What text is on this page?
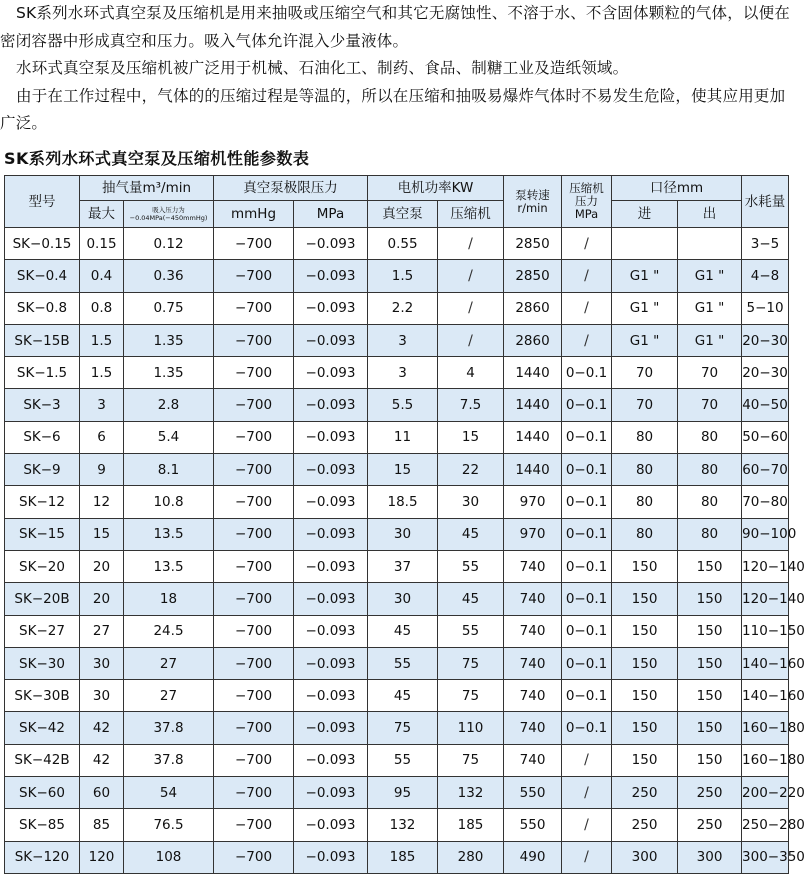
SK系列水环式真空泵及压缩机是用来抽吸或压缩空气和其它无腐蚀性、不溶于水、不含固体颗粒的气体，以便在密闭容器中形成真空和压力。吸入气体允许混入少量液体。

水环式真空泵及压缩机被广泛用于机械、石油化工、制药、食品、制糖工业及造纸领域。

由于在工作过程中，气体的的压缩过程是等温的，所以在压缩和抽吸易爆炸气体时不易发生危险，使其应用更加广泛。

SK系列水环式真空泵及压缩机性能参数表
型号	抽气量m³/min		真空泵极限压力		电机功率KW		泵转速 r/min	压缩机 压力 MPa	口径mm		水耗量
	最大	吸入压力为 −0.04MPa(−450mmHg)	mmHg	MPa	真空泵	压缩机			进	出	
SK−0.15	0.15	0.12	−700	−0.093	0.55	/	2850	/			3−5
SK−0.4	0.4	0.36	−700	−0.093	1.5	/	2850	/	G1 "	G1 "	4−8
SK−0.8	0.8	0.75	−700	−0.093	2.2	/	2860	/	G1 "	G1 "	5−10
SK−15B	1.5	1.35	−700	−0.093	3	/	2860	/	G1 "	G1 "	20−30
SK−1.5	1.5	1.35	−700	−0.093	3	4	1440	0−0.1	70	70	20−30
SK−3	3	2.8	−700	−0.093	5.5	7.5	1440	0−0.1	70	70	40−50
SK−6	6	5.4	−700	−0.093	11	15	1440	0−0.1	80	80	50−60
SK−9	9	8.1	−700	−0.093	15	22	1440	0−0.1	80	80	60−70
SK−12	12	10.8	−700	−0.093	18.5	30	970	0−0.1	80	80	70−80
SK−15	15	13.5	−700	−0.093	30	45	970	0−0.1	80	80	90−100
SK−20	20	13.5	−700	−0.093	37	55	740	0−0.1	150	150	120−140
SK−20B	20	18	−700	−0.093	30	45	740	0−0.1	150	150	120−140
SK−27	27	24.5	−700	−0.093	45	55	740	0−0.1	150	150	110−150
SK−30	30	27	−700	−0.093	55	75	740	0−0.1	150	150	140−160
SK−30B	30	27	−700	−0.093	45	75	740	0−0.1	150	150	140−160
SK−42	42	37.8	−700	−0.093	75	110	740	0−0.1	150	150	160−180
SK−42B	42	37.8	−700	−0.093	55	75	740	/	150	150	160−180
SK−60	60	54	−700	−0.093	95	132	550	/	250	250	200−220
SK−85	85	76.5	−700	−0.093	132	185	550	/	250	250	250−280
SK−120	120	108	−700	−0.093	185	280	490	/	300	300	300−350
